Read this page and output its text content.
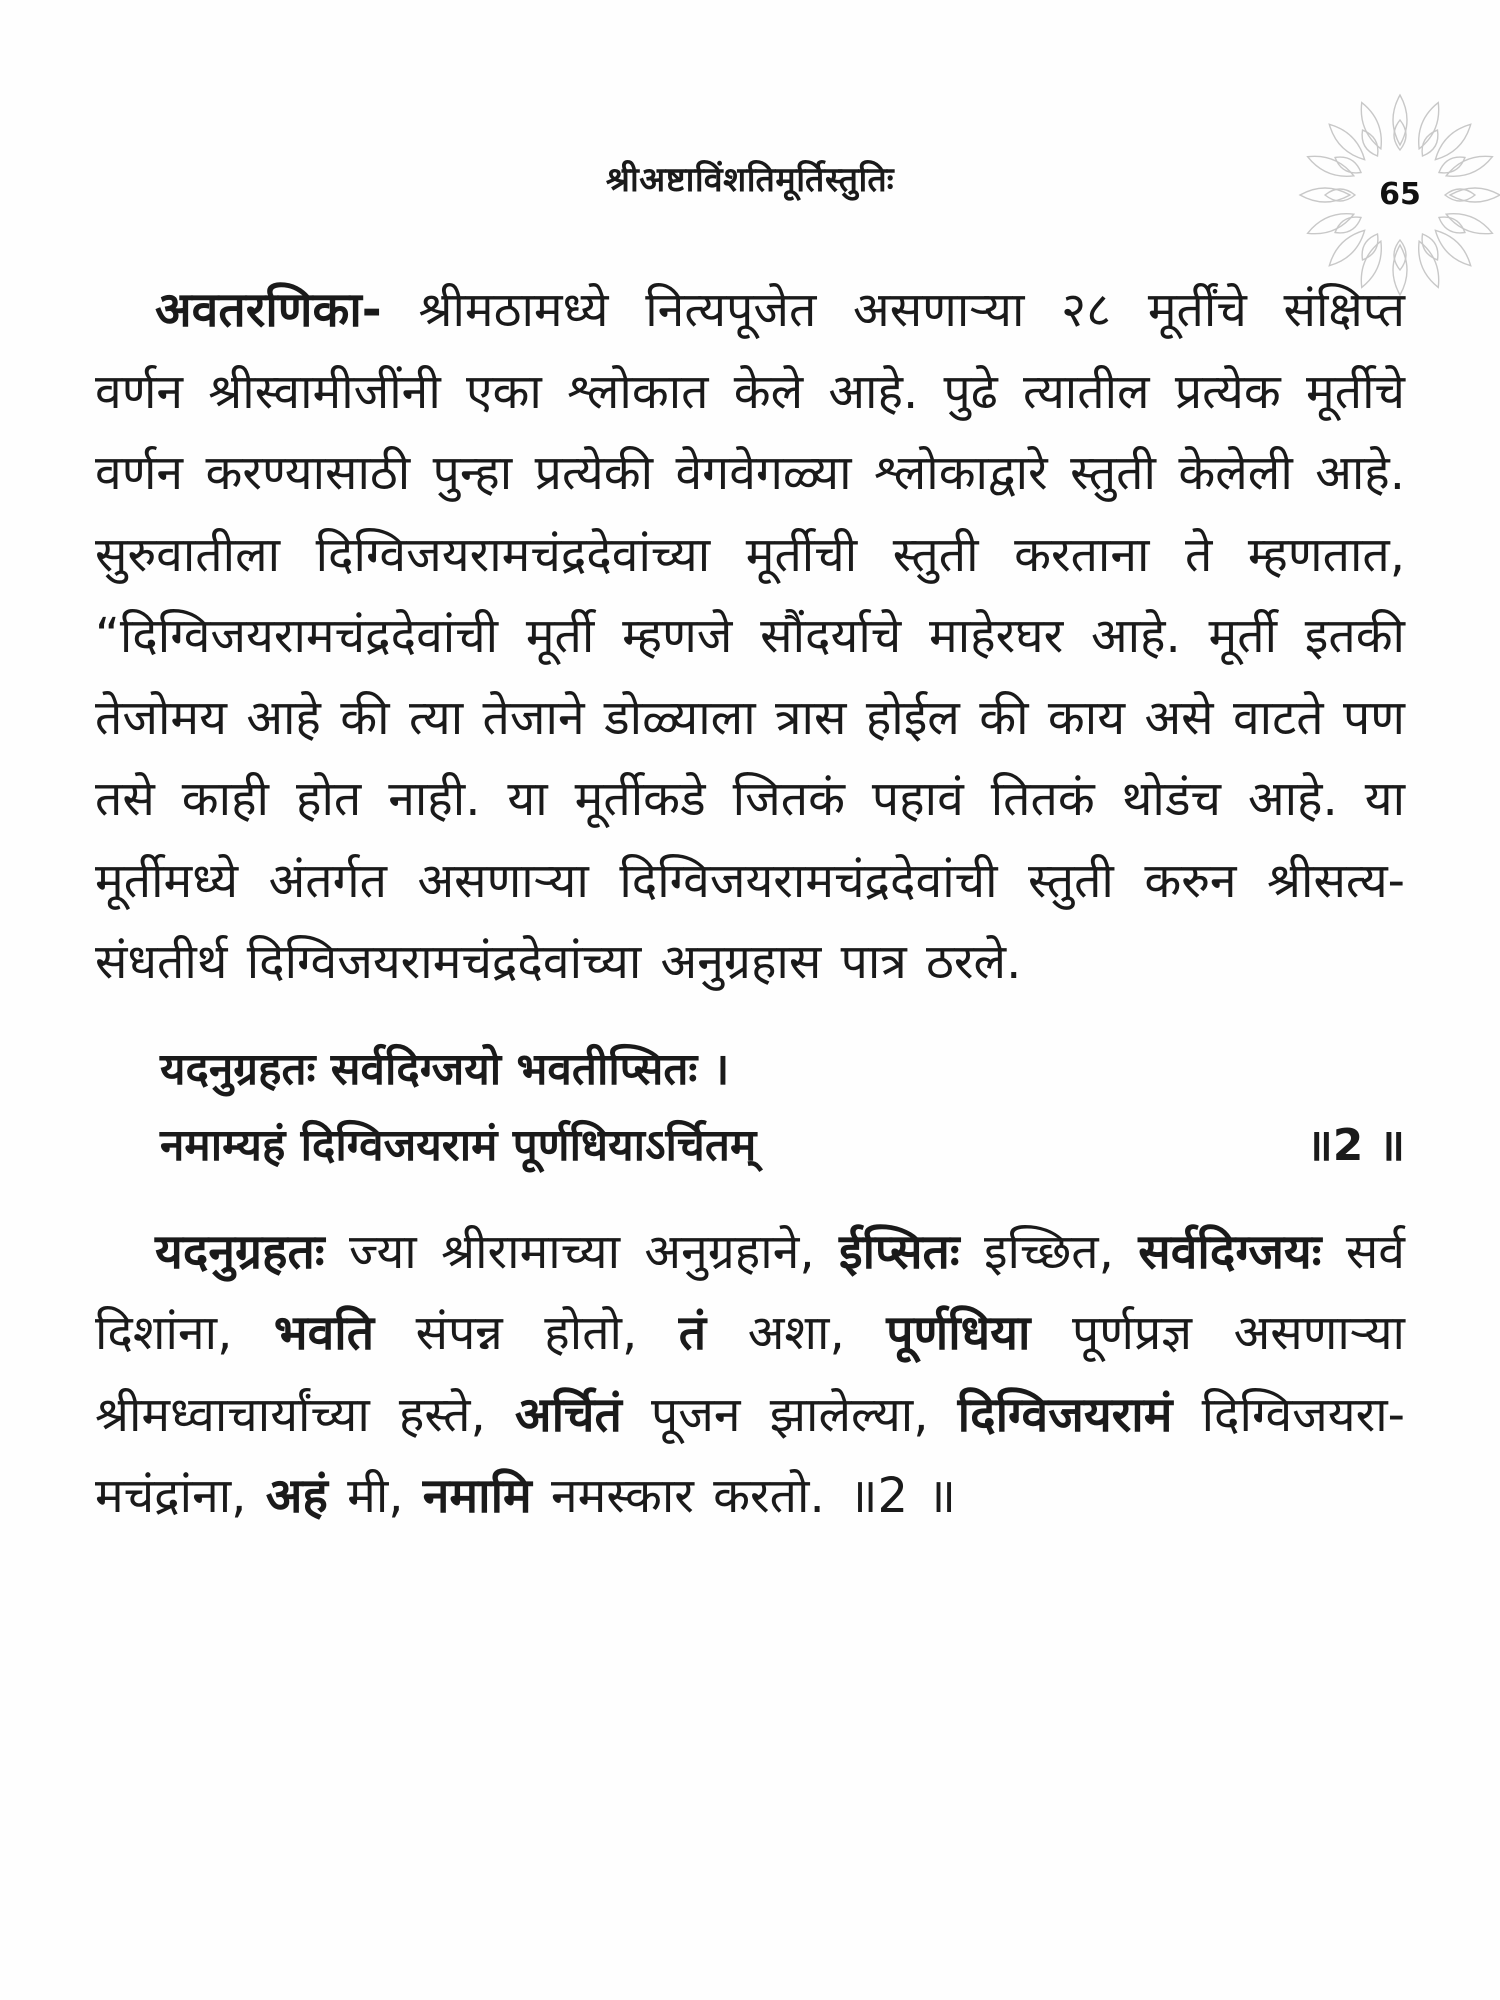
श्रीअष्टाविंशतिमूर्तिस्तुतिः	65

अवतरणिका- श्रीमठामध्ये नित्यपूजेत असणाऱ्या २८ मूर्तींचे संक्षिप्त वर्णन श्रीस्वामीजींनी एका श्लोकात केले आहे. पुढे त्यातील प्रत्येक मूर्तीचे वर्णन करण्यासाठी पुन्हा प्रत्येकी वेगवेगळ्या श्लोकाद्वारे स्तुती केलेली आहे. सुरुवातीला दिग्विजयरामचंद्रदेवांच्या मूर्तीची स्तुती करताना ते म्हणतात, “दिग्विजयरामचंद्रदेवांची मूर्ती म्हणजे सौंदर्याचे माहेरघर आहे. मूर्ती इतकी तेजोमय आहे की त्या तेजाने डोळ्याला त्रास होईल की काय असे वाटते पण तसे काही होत नाही. या मूर्तीकडे जितकं पहावं तितकं थोडंच आहे. या मूर्तीमध्ये अंतर्गत असणाऱ्या दिग्विजयरामचंद्रदेवांची स्तुती करुन श्रीसत्य-संधतीर्थ दिग्विजयरामचंद्रदेवांच्या अनुग्रहास पात्र ठरले.

यदनुग्रहतः सर्वदिग्जयो भवतीप्सितः ।
नमाम्यहं दिग्विजयरामं पूर्णधियाऽर्चितम्	॥2 ॥

यदनुग्रहतः ज्या श्रीरामाच्या अनुग्रहाने, ईप्सितः इच्छित, सर्वदिग्जयः सर्व दिशांना, भवति संपन्न होतो, तं अशा, पूर्णधिया पूर्णप्रज्ञ असणाऱ्या श्रीमध्वाचार्यांच्या हस्ते, अर्चितं पूजन झालेल्या, दिग्विजयरामं दिग्विजयरा-मचंद्रांना, अहं मी, नमामि नमस्कार करतो. ॥2 ॥
